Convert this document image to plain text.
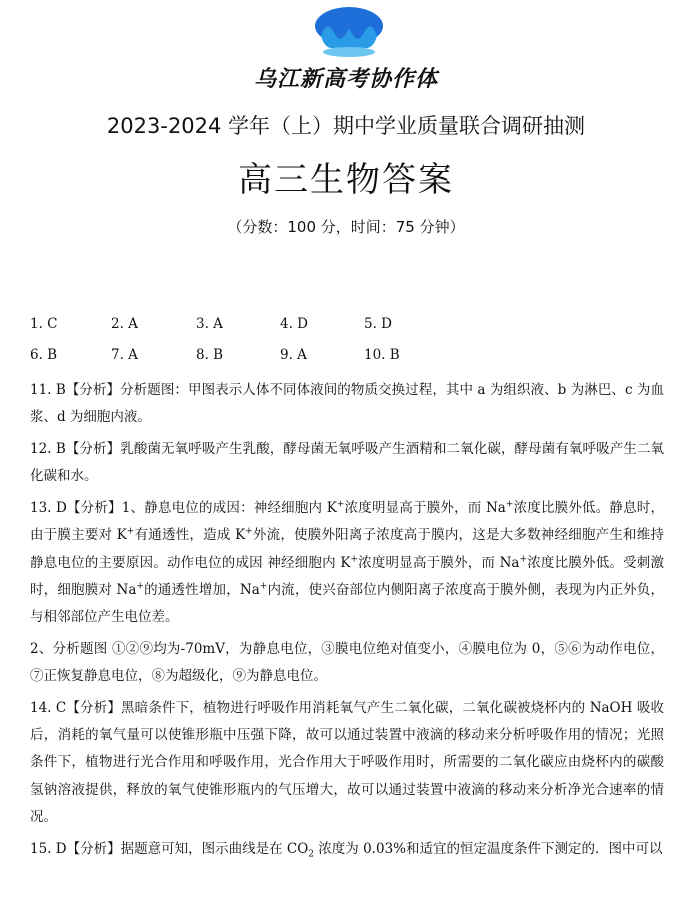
乌江新高考协作体
2023-2024 学年（上）期中学业质量联合调研抽测
高三生物答案
（分数：100 分，时间：75 分钟）
1. C	2. A	3. A	4. D	5. D
6. B	7. A	8. B	9. A	10. B

11. B【分析】分析题图：甲图表示人体不同体液间的物质交换过程，其中 a 为组织液、b 为淋巴、c 为血浆、d 为细胞内液。

12. B【分析】乳酸菌无氧呼吸产生乳酸，酵母菌无氧呼吸产生酒精和二氧化碳，酵母菌有氧呼吸产生二氧化碳和水。

13. D【分析】1、静息电位的成因：神经细胞内 K+浓度明显高于膜外，而 Na+浓度比膜外低。静息时，由于膜主要对 K+有通透性，造成 K+外流，使膜外阳离子浓度高于膜内，这是大多数神经细胞产生和维持静息电位的主要原因。动作电位的成因 神经细胞内 K+浓度明显高于膜外，而 Na+浓度比膜外低。受刺激时，细胞膜对 Na+的通透性增加，Na+内流，使兴奋部位内侧阳离子浓度高于膜外侧，表现为内正外负，与相邻部位产生电位差。

2、分析题图 ①②⑨均为-70mV，为静息电位，③膜电位绝对值变小，④膜电位为 0，⑤⑥为动作电位，⑦正恢复静息电位，⑧为超级化，⑨为静息电位。

14. C【分析】黑暗条件下，植物进行呼吸作用消耗氧气产生二氧化碳，二氧化碳被烧杯内的 NaOH 吸收后，消耗的氧气量可以使锥形瓶中压强下降，故可以通过装置中液滴的移动来分析呼吸作用的情况；光照条件下，植物进行光合作用和呼吸作用，光合作用大于呼吸作用时，所需要的二氧化碳应由烧杯内的碳酸氢钠溶液提供，释放的氧气使锥形瓶内的气压增大，故可以通过装置中液滴的移动来分析净光合速率的情况。

15. D【分析】据题意可知，图示曲线是在 $CO_2$ 浓度为 0.03%和适宜的恒定温度条件下测定的．图中可以
